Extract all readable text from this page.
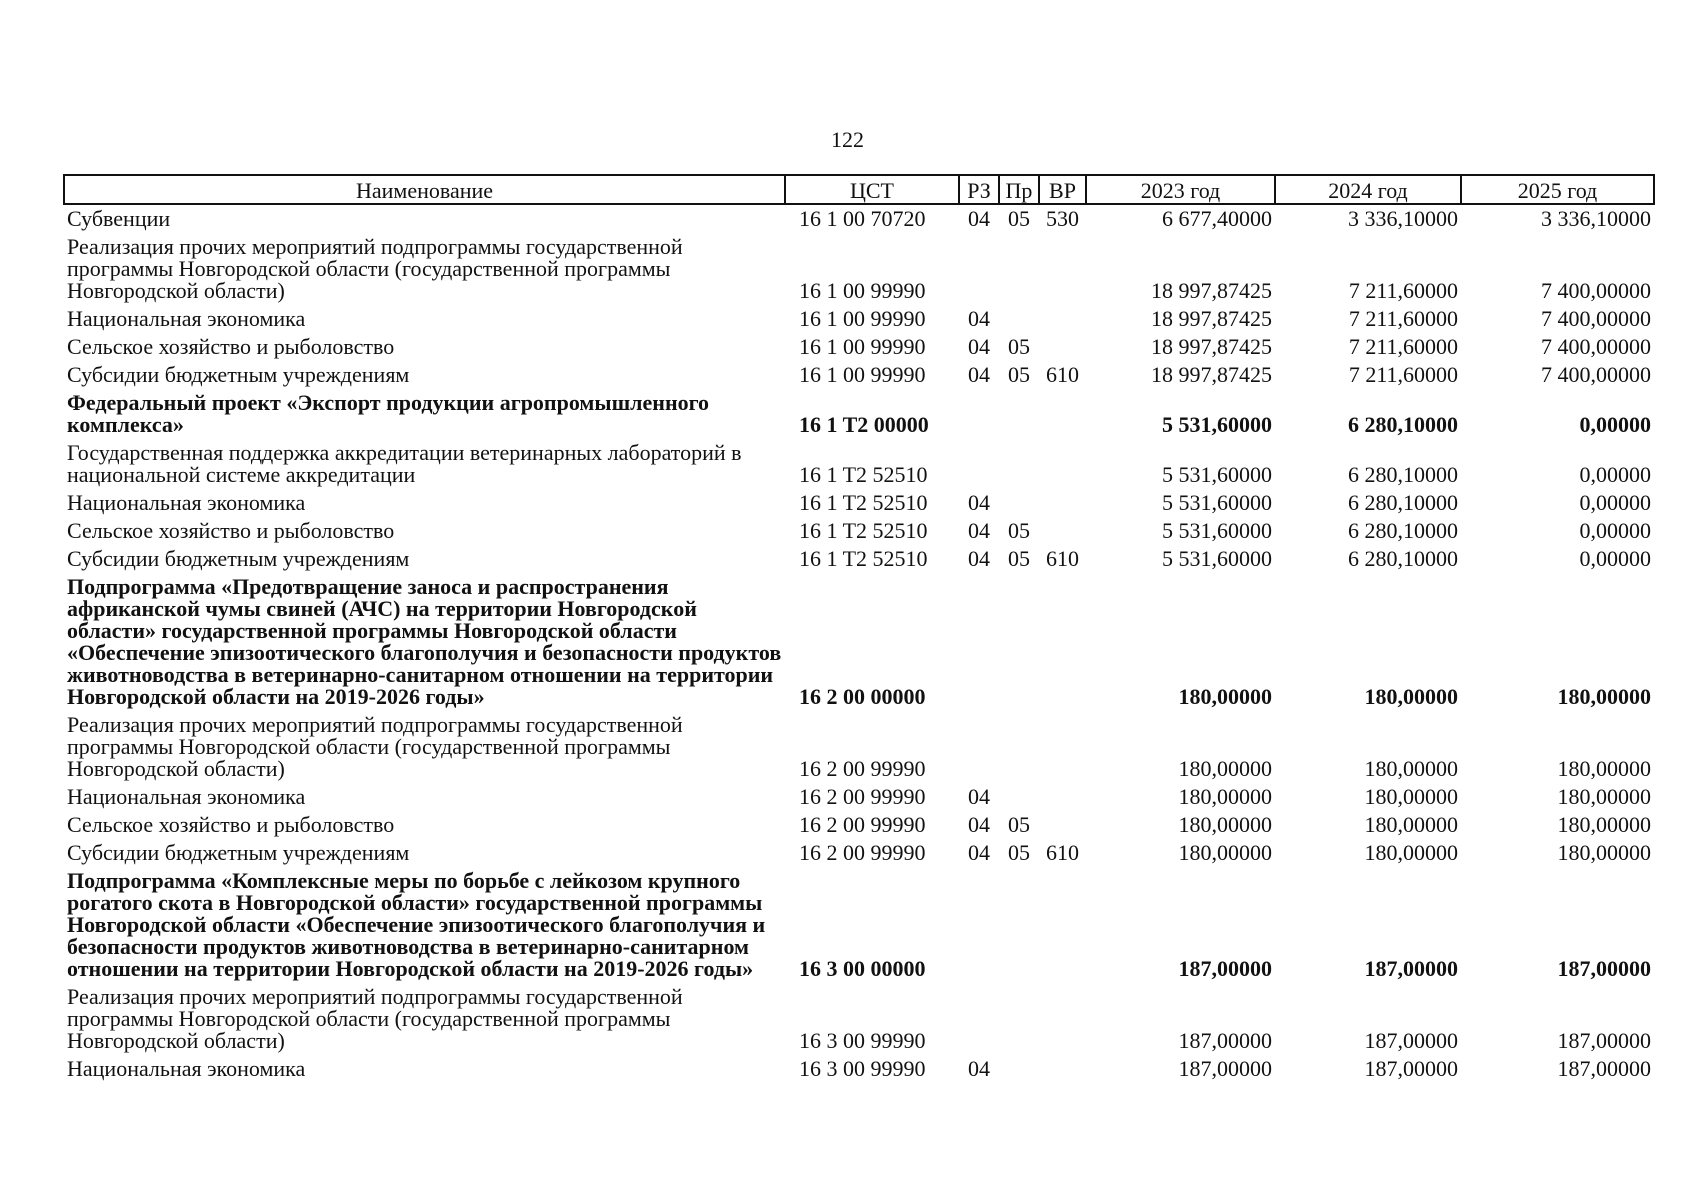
122
Наименование	ЦСТ	РЗ	Пр	ВР	2023 год	2024 год	2025 год
Субвенции	16 1 00 70720	04	05	530	6 677,40000	3 336,10000	3 336,10000
Реализация прочих мероприятий подпрограммы государственной программы Новгородской области (государственной программы Новгородской области)	16 1 00 99990				18 997,87425	7 211,60000	7 400,00000
Национальная экономика	16 1 00 99990	04			18 997,87425	7 211,60000	7 400,00000
Сельское хозяйство и рыболовство	16 1 00 99990	04	05		18 997,87425	7 211,60000	7 400,00000
Субсидии бюджетным учреждениям	16 1 00 99990	04	05	610	18 997,87425	7 211,60000	7 400,00000
Федеральный проект «Экспорт продукции агропромышленного комплекса»	16 1 T2 00000				5 531,60000	6 280,10000	0,00000
Государственная поддержка аккредитации ветеринарных лабораторий в национальной системе аккредитации	16 1 T2 52510				5 531,60000	6 280,10000	0,00000
Национальная экономика	16 1 T2 52510	04			5 531,60000	6 280,10000	0,00000
Сельское хозяйство и рыболовство	16 1 T2 52510	04	05		5 531,60000	6 280,10000	0,00000
Субсидии бюджетным учреждениям	16 1 T2 52510	04	05	610	5 531,60000	6 280,10000	0,00000
Подпрограмма «Предотвращение заноса и распространения африканской чумы свиней (АЧС) на территории Новгородской области» государственной программы Новгородской области «Обеспечение эпизоотического благополучия и безопасности продуктов животноводства в ветеринарно-санитарном отношении на территории Новгородской области на 2019-2026 годы»	16 2 00 00000				180,00000	180,00000	180,00000
Реализация прочих мероприятий подпрограммы государственной программы Новгородской области (государственной программы Новгородской области)	16 2 00 99990				180,00000	180,00000	180,00000
Национальная экономика	16 2 00 99990	04			180,00000	180,00000	180,00000
Сельское хозяйство и рыболовство	16 2 00 99990	04	05		180,00000	180,00000	180,00000
Субсидии бюджетным учреждениям	16 2 00 99990	04	05	610	180,00000	180,00000	180,00000
Подпрограмма «Комплексные меры по борьбе с лейкозом крупного рогатого скота в Новгородской области» государственной программы Новгородской области «Обеспечение эпизоотического благополучия и безопасности продуктов животноводства в ветеринарно-санитарном отношении на территории Новгородской области на 2019-2026 годы»	16 3 00 00000				187,00000	187,00000	187,00000
Реализация прочих мероприятий подпрограммы государственной программы Новгородской области (государственной программы Новгородской области)	16 3 00 99990				187,00000	187,00000	187,00000
Национальная экономика	16 3 00 99990	04			187,00000	187,00000	187,00000
